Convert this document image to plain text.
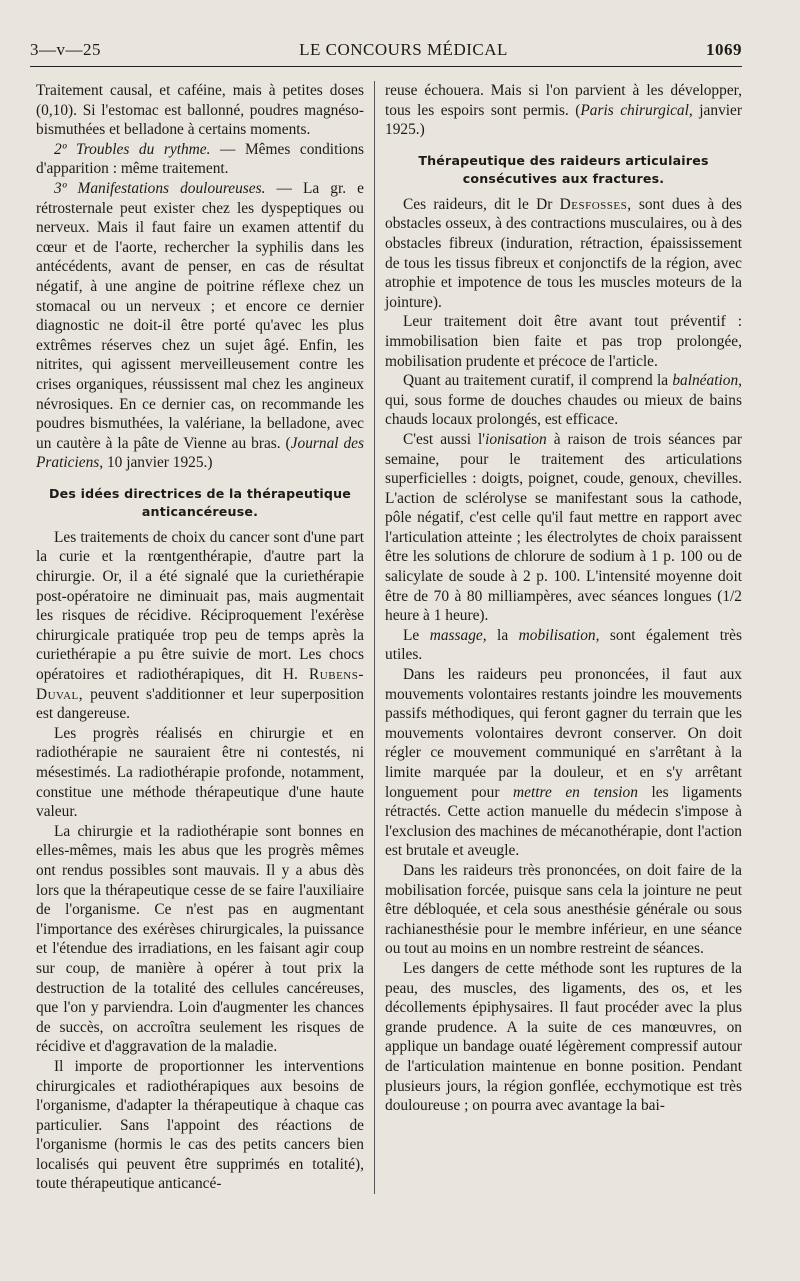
3—v—25	LE CONCOURS MÉDICAL	1069

Traitement causal, et caféine, mais à petites doses (0,10). Si l'estomac est ballonné, poudres magnéso-bismuthées et belladone à certains moments.

2º Troubles du rythme. — Mêmes conditions d'apparition : même traitement.

3º Manifestations douloureuses. — La gr. e rétrosternale peut exister chez les dyspeptiques ou nerveux. Mais il faut faire un examen attentif du cœur et de l'aorte, rechercher la syphilis dans les antécédents, avant de penser, en cas de résultat négatif, à une angine de poitrine réflexe chez un stomacal ou un nerveux ; et encore ce dernier diagnostic ne doit-il être porté qu'avec les plus extrêmes réserves chez un sujet âgé. Enfin, les nitrites, qui agissent merveilleusement contre les crises organiques, réussissent mal chez les angineux névrosiques. En ce dernier cas, on recommande les poudres bismuthées, la valériane, la belladone, avec un cautère à la pâte de Vienne au bras. (Journal des Praticiens, 10 janvier 1925.)

Des idées directrices de la thérapeutique anticancéreuse.

Les traitements de choix du cancer sont d'une part la curie et la rœntgenthérapie, d'autre part la chirurgie. Or, il a été signalé que la curiethérapie post-opératoire ne diminuait pas, mais augmentait les risques de récidive. Réciproquement l'exérèse chirurgicale pratiquée trop peu de temps après la curiethérapie a pu être suivie de mort. Les chocs opératoires et radiothérapiques, dit H. Rubens-Duval, peuvent s'additionner et leur superposition est dangereuse.

Les progrès réalisés en chirurgie et en radiothérapie ne sauraient être ni contestés, ni mésestimés. La radiothérapie profonde, notamment, constitue une méthode thérapeutique d'une haute valeur.

La chirurgie et la radiothérapie sont bonnes en elles-mêmes, mais les abus que les progrès mêmes ont rendus possibles sont mauvais. Il y a abus dès lors que la thérapeutique cesse de se faire l'auxiliaire de l'organisme. Ce n'est pas en augmentant l'importance des exérèses chirurgicales, la puissance et l'étendue des irradiations, en les faisant agir coup sur coup, de manière à opérer à tout prix la destruction de la totalité des cellules cancéreuses, que l'on y parviendra. Loin d'augmenter les chances de succès, on accroîtra seulement les risques de récidive et d'aggravation de la maladie.

Il importe de proportionner les interventions chirurgicales et radiothérapiques aux besoins de l'organisme, d'adapter la thérapeutique à chaque cas particulier. Sans l'appoint des réactions de l'organisme (hormis le cas des petits cancers bien localisés qui peuvent être supprimés en totalité), toute thérapeutique anticancé-

reuse échouera. Mais si l'on parvient à les développer, tous les espoirs sont permis. (Paris chirurgical, janvier 1925.)

Thérapeutique des raideurs articulaires consécutives aux fractures.

Ces raideurs, dit le Dr Desfosses, sont dues à des obstacles osseux, à des contractions musculaires, ou à des obstacles fibreux (induration, rétraction, épaississement de tous les tissus fibreux et conjonctifs de la région, avec atrophie et impotence de tous les muscles moteurs de la jointure).

Leur traitement doit être avant tout préventif : immobilisation bien faite et pas trop prolongée, mobilisation prudente et précoce de l'article.

Quant au traitement curatif, il comprend la balnéation, qui, sous forme de douches chaudes ou mieux de bains chauds locaux prolongés, est efficace.

C'est aussi l'ionisation à raison de trois séances par semaine, pour le traitement des articulations superficielles : doigts, poignet, coude, genoux, chevilles. L'action de sclérolyse se manifestant sous la cathode, pôle négatif, c'est celle qu'il faut mettre en rapport avec l'articulation atteinte ; les électrolytes de choix paraissent être les solutions de chlorure de sodium à 1 p. 100 ou de salicylate de soude à 2 p. 100. L'intensité moyenne doit être de 70 à 80 milliampères, avec séances longues (1/2 heure à 1 heure).

Le massage, la mobilisation, sont également très utiles.

Dans les raideurs peu prononcées, il faut aux mouvements volontaires restants joindre les mouvements passifs méthodiques, qui feront gagner du terrain que les mouvements volontaires devront conserver. On doit régler ce mouvement communiqué en s'arrêtant à la limite marquée par la douleur, et en s'y arrêtant longuement pour mettre en tension les ligaments rétractés. Cette action manuelle du médecin s'impose à l'exclusion des machines de mécanothérapie, dont l'action est brutale et aveugle.

Dans les raideurs très prononcées, on doit faire de la mobilisation forcée, puisque sans cela la jointure ne peut être débloquée, et cela sous anesthésie générale ou sous rachianesthésie pour le membre inférieur, en une séance ou tout au moins en un nombre restreint de séances.

Les dangers de cette méthode sont les ruptures de la peau, des muscles, des ligaments, des os, et les décollements épiphysaires. Il faut procéder avec la plus grande prudence. A la suite de ces manœuvres, on applique un bandage ouaté légèrement compressif autour de l'articulation maintenue en bonne position. Pendant plusieurs jours, la région gonflée, ecchymotique est très douloureuse ; on pourra avec avantage la bai-
